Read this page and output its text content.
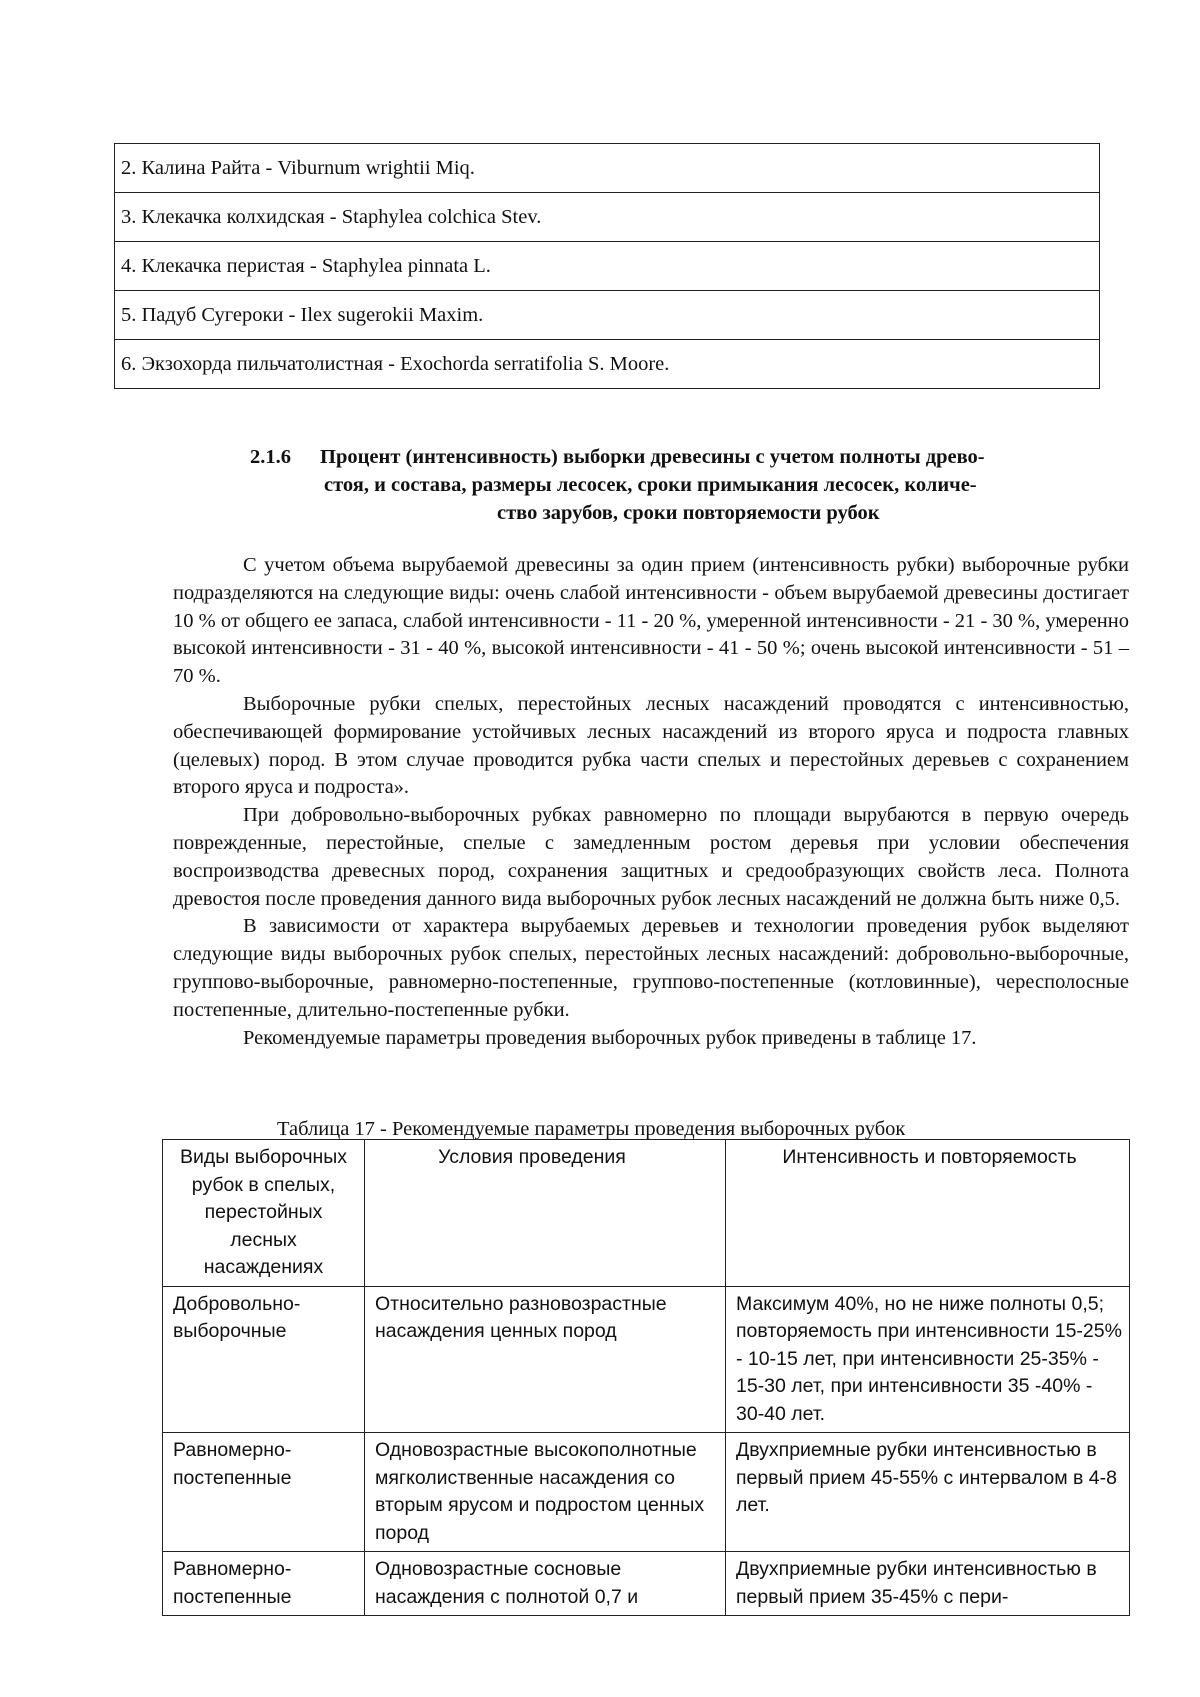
2. Калина Райта - Viburnum wrightii Miq.
3. Клекачка колхидская - Staphylea colchica Stev.
4. Клекачка перистая - Staphylea pinnata L.
5. Падуб Сугероки - Ilex sugerokii Maxim.
6. Экзохорда пильчатолистная - Exochorda serratifolia S. Moore.
2.1.6 Процент (интенсивность) выборки древесины с учетом полноты древо-
стоя, и состава, размеры лесосек, сроки примыкания лесосек, количе-
ство зарубов, сроки повторяемости рубок

С учетом объема вырубаемой древесины за один прием (интенсивность рубки) выборочные рубки подразделяются на следующие виды: очень слабой интенсивности - объем вырубаемой древесины достигает 10 % от общего ее запаса, слабой интенсивности - 11 - 20 %, умеренной интенсивности - 21 - 30 %, умеренно высокой интенсивности - 31 - 40 %, высокой интенсивности - 41 - 50 %; очень высокой интенсивности - 51 – 70 %.

Выборочные рубки спелых, перестойных лесных насаждений проводятся с интенсивностью, обеспечивающей формирование устойчивых лесных насаждений из второго яруса и подроста главных (целевых) пород. В этом случае проводится рубка части спелых и перестойных деревьев с сохранением второго яруса и подроста».

При добровольно-выборочных рубках равномерно по площади вырубаются в первую очередь поврежденные, перестойные, спелые с замедленным ростом деревья при условии обеспечения воспроизводства древесных пород, сохранения защитных и средообразующих свойств леса. Полнота древостоя после проведения данного вида выборочных рубок лесных насаждений не должна быть ниже 0,5.

В зависимости от характера вырубаемых деревьев и технологии проведения рубок выделяют следующие виды выборочных рубок спелых, перестойных лесных насаждений: добровольно-выборочные, группово-выборочные, равномерно-постепенные, группово-постепенные (котловинные), чересполосные постепенные, длительно-постепенные рубки.

Рекомендуемые параметры проведения выборочных рубок приведены в таблице 17.

Таблица 17 - Рекомендуемые параметры проведения выборочных рубок
Виды выборочных рубок в спелых, перестойных лесных насаждениях	Условия проведения	Интенсивность и повторяемость
Добровольно-выборочные	Относительно разновозрастные насаждения ценных пород	Максимум 40%, но не ниже полноты 0,5; повторяемость при интенсивности 15-25% - 10-15 лет, при интенсивности 25-35% - 15-30 лет, при интенсивности 35 -40% - 30-40 лет.
Равномерно-постепенные	Одновозрастные высокополнотные мягколиственные насаждения со вторым ярусом и подростом ценных пород	Двухприемные рубки интенсивностью в первый прием 45-55% с интервалом в 4-8 лет.
Равномерно-постепенные	Одновозрастные сосновые насаждения с полнотой 0,7 и	Двухприемные рубки интенсивностью в первый прием 35-45% с пери-
